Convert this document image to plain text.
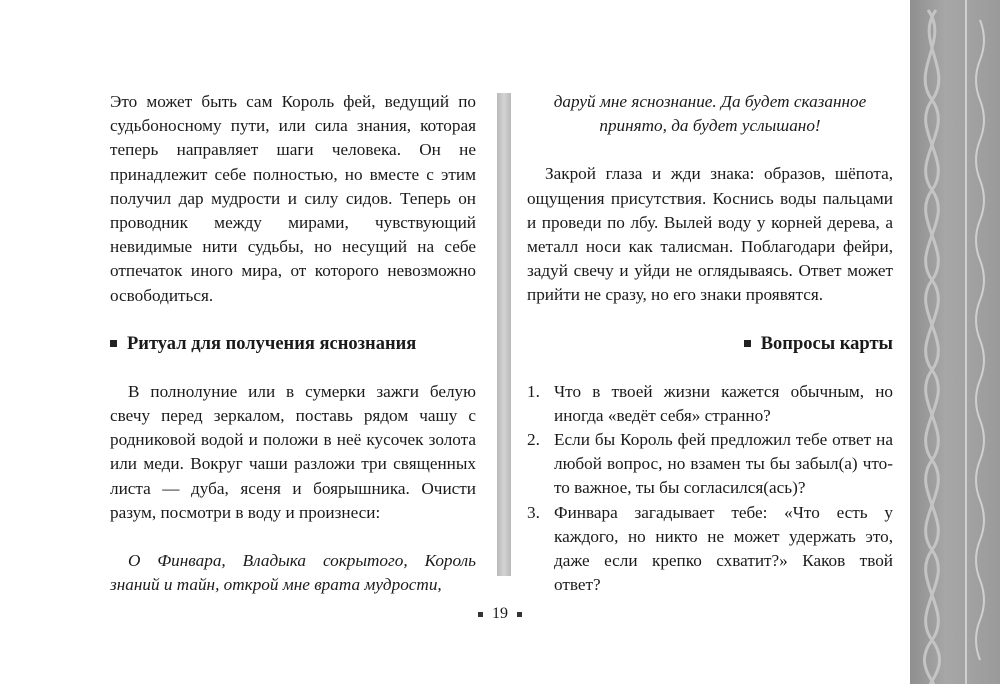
Это может быть сам Король фей, ведущий по судьбоносному пути, или сила знания, которая теперь направляет шаги человека. Он не принадлежит себе полностью, но вместе с этим получил дар мудрости и силу сидов. Теперь он проводник между мирами, чувствующий невидимые нити судьбы, но несущий на себе отпечаток иного мира, от которого невозможно освободиться.

Ритуал для получения яснознания

В полнолуние или в сумерки зажги белую свечу перед зеркалом, поставь рядом чашу с родниковой водой и положи в неё кусочек золота или меди. Вокруг чаши разложи три священных листа — дуба, ясеня и боярышника. Очисти разум, посмотри в воду и произнеси:

О Финвара, Владыка сокрытого, Король знаний и тайн, открой мне врата мудрости,

даруй мне яснознание. Да будет сказанное принято, да будет услышано!

Закрой глаза и жди знака: образов, шёпота, ощущения присутствия. Коснись воды пальцами и проведи по лбу. Вылей воду у корней дерева, а металл носи как талисман. Поблагодари фейри, задуй свечу и уйди не оглядываясь. Ответ может прийти не сразу, но его знаки проявятся.

Вопросы карты
1. Что в твоей жизни кажется обычным, но иногда «ведёт себя» странно?
2. Если бы Король фей предложил тебе ответ на любой вопрос, но взамен ты бы забыл(а) что-то важное, ты бы согласился(ась)?
3. Финвара загадывает тебе: «Что есть у каждого, но никто не может удержать это, даже если крепко схватит?» Каков твой ответ?
19
